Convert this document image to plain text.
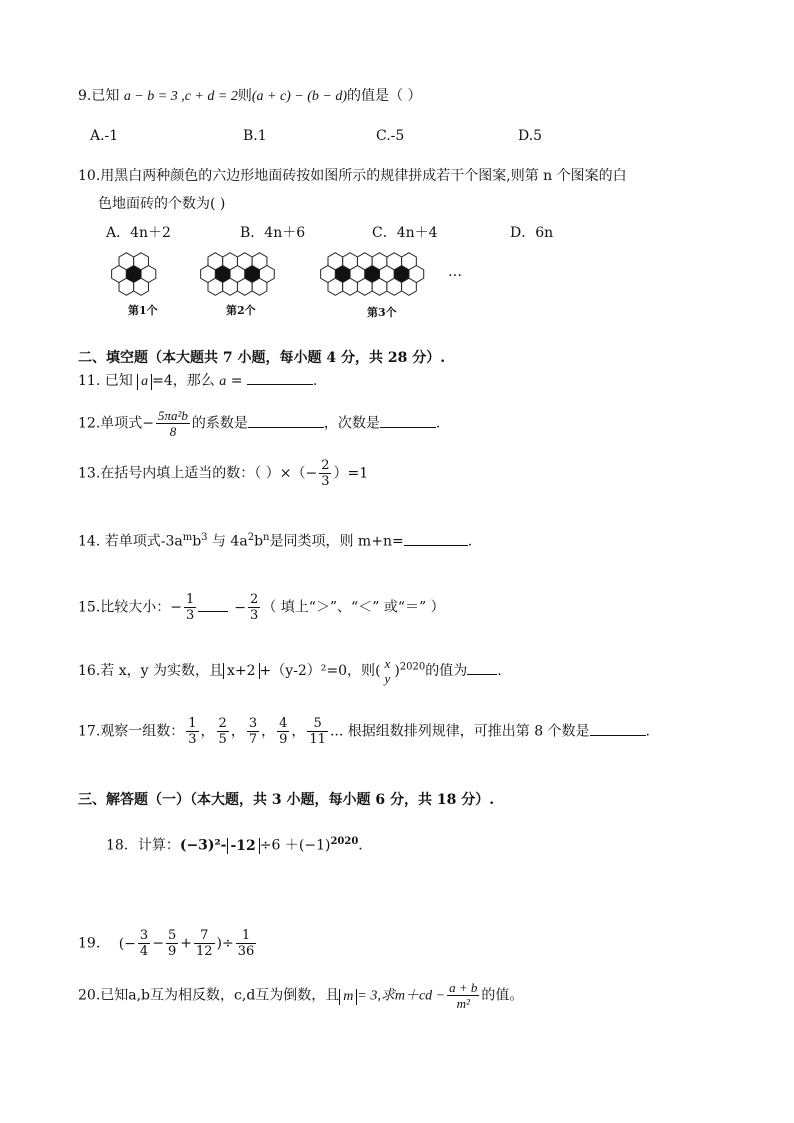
9.已知 a − b = 3 ,c + d = 2则(a + c) − (b − d)的值是（ ）
A.-1	B.1	C.-5	D.5
10.用黑白两种颜色的六边形地面砖按如图所示的规律拼成若干个图案,则第 n 个图案的白
色地面砖的个数为( )
A．4n＋2	B．4n＋6	C．4n＋4	D．6n
第1个	第2个	第3个
…
二、填空题（本大题共 7 小题，每小题 4 分，共 28 分）.
11. 已知 a =4，那么 a =	.
12.单项式− $\frac{\text{5πa²b}}{8}$ 的系数是	，次数是	.
13.在括号内填上适当的数：（ ）×（− $\frac{2}{3} )=1$
14. 若单项式$-3a^mb^3$ 与 $4a^2b^n$是同类项，则 m+n=	.
15.比较大小：− $\frac{1}{3}$	− $\frac{2}{3}$ （ 填上“＞”、“＜” 或“＝” ）
16.若 x，y 为实数，且 x+2 +（y-2）²=0，则( x
y )$^{2020}$的值为 .
17.观察一组数： $\frac{1}{3}$ ， $\frac{2}{5}$ ， $\frac{3}{7}$ ， $\frac{4}{9}$ ， $\frac{5}{11}$ ... 根据组数排列规律，可推出第 8 个数是	.
三、解答题（一）（本大题，共 3 小题，每小题 6 分，共 18 分）.
18．计算：(−3)²- $-12 \div 6 +(-1)^{2020}$.
19. (− $\frac{3}{4} - \frac{5}{9} + \frac{7}{12}$ )÷ $\frac{1}{36}$
20.已知a,b互为相反数，c,d互为倒数，且 m = 3,求$m+cd - \frac{a + b}{\text{m²}}$ 的值。
